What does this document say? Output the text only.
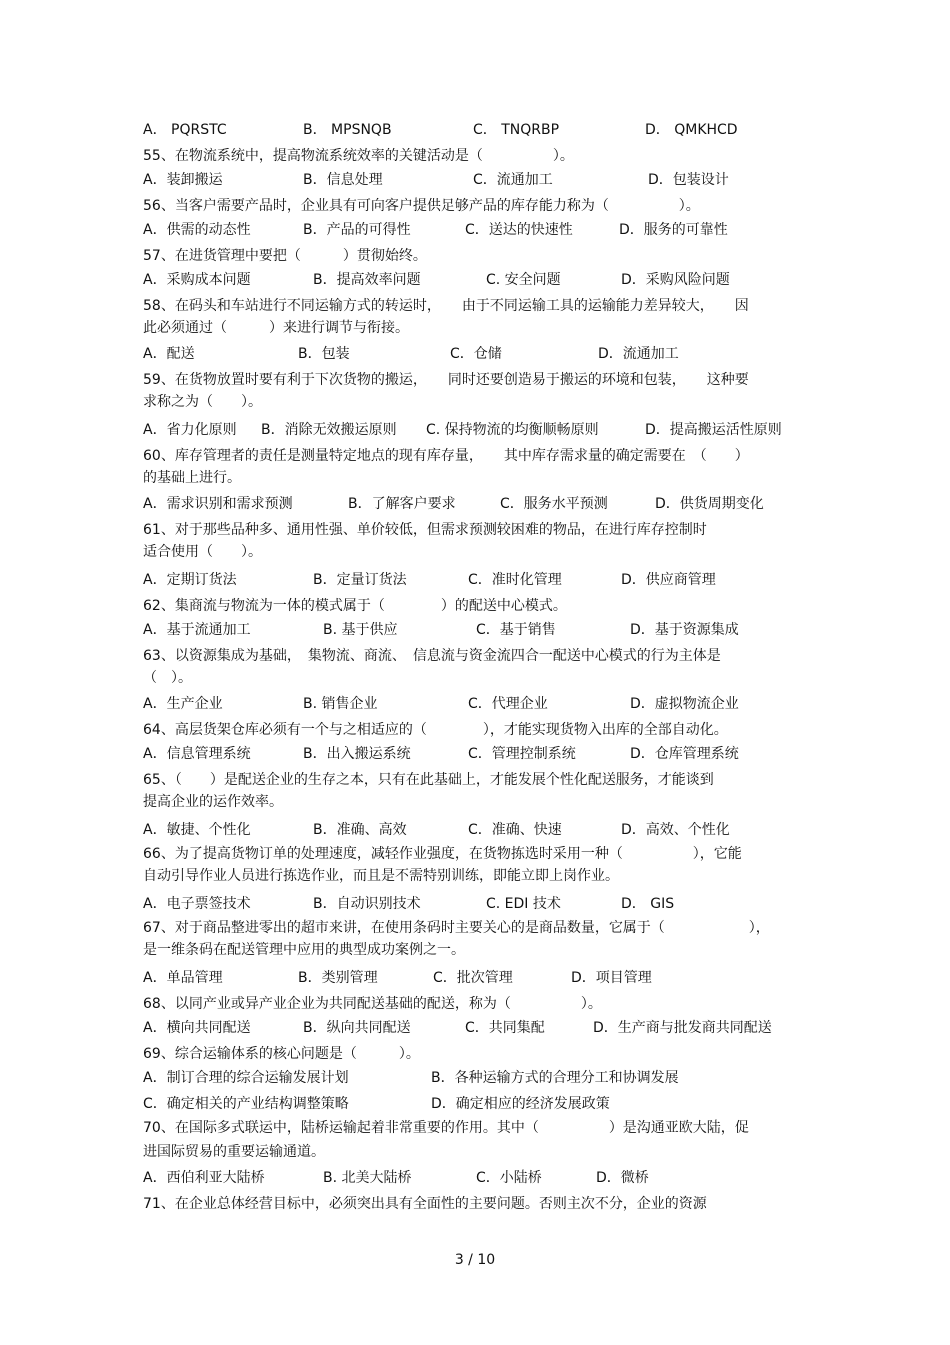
A． PQRSTC	B． MPSNQB	C． TNQRBP	D． QMKHCD
55、在物流系统中，提高物流系统效率的关键活动是（　　　　　）。
A．装卸搬运	B．信息处理	C．流通加工	D．包装设计
56、当客户需要产品时，企业具有可向客户提供足够产品的库存能力称为（　　　　　）。
A．供需的动态性	B．产品的可得性	C．送达的快速性	D．服务的可靠性
57、在进货管理中要把（　　　）贯彻始终。
A．采购成本问题	B．提高效率问题	C. 安全问题	D．采购风险问题
58、在码头和车站进行不同运输方式的转运时，　　由于不同运输工具的运输能力差异较大，　　因
此必须通过（　　　）来进行调节与衔接。
A．配送	B．包装	C．仓储	D．流通加工
59、在货物放置时要有利于下次货物的搬运，　　同时还要创造易于搬运的环境和包装，　　这种要
求称之为（　　）。
A．省力化原则 B．消除无效搬运原则 C. 保持物流的均衡顺畅原则	D．提高搬运活性原则
60、库存管理者的责任是测量特定地点的现有库存量，　　其中库存需求量的确定需要在　（　　）
的基础上进行。
A．需求识别和需求预测	B．了解客户要求	C．服务水平预测	D．供货周期变化
61、对于那些品种多、通用性强、单价较低，但需求预测较困难的物品，在进行库存控制时
适合使用（　　）。
A．定期订货法	B．定量订货法	C．准时化管理	D．供应商管理
62、集商流与物流为一体的模式属于（　　　　）的配送中心模式。
A．基于流通加工	B. 基于供应	C．基于销售	D．基于资源集成
63、以资源集成为基础，　集物流、商流、　信息流与资金流四合一配送中心模式的行为主体是
（　）。
A．生产企业	B. 销售企业	C．代理企业	D．虚拟物流企业
64、高层货架仓库必须有一个与之相适应的（　　　　），才能实现货物入出库的全部自动化。
A．信息管理系统	B．出入搬运系统	C．管理控制系统	D．仓库管理系统
65、（　　）是配送企业的生存之本，只有在此基础上，才能发展个性化配送服务，才能谈到
提高企业的运作效率。
A．敏捷、个性化	B．准确、高效	C．准确、快速	D．高效、个性化
66、为了提高货物订单的处理速度，减轻作业强度，在货物拣选时采用一种（　　　　　），它能
自动引导作业人员进行拣选作业，而且是不需特别训练，即能立即上岗作业。
A．电子票签技术	B．自动识别技术	C. EDI 技术	D． GIS
67、对于商品整进零出的超市来讲，在使用条码时主要关心的是商品数量，它属于（　　　　　　），
是一维条码在配送管理中应用的典型成功案例之一。
A．单品管理	B．类别管理	C．批次管理	D．项目管理
68、以同产业或异产业企业为共同配送基础的配送，称为（　　　　　）。
A．横向共同配送	B．纵向共同配送	C．共同集配	D．生产商与批发商共同配送
69、综合运输体系的核心问题是（　　　）。
A．制订合理的综合运输发展计划	B．各种运输方式的合理分工和协调发展
C．确定相关的产业结构调整策略	D．确定相应的经济发展政策
70、在国际多式联运中，陆桥运输起着非常重要的作用。其中（　　　　　）是沟通亚欧大陆，促
进国际贸易的重要运输通道。
A．西伯利亚大陆桥	B. 北美大陆桥	C．小陆桥	D．微桥
71、在企业总体经营目标中，必须突出具有全面性的主要问题。否则主次不分，企业的资源
3 / 10
